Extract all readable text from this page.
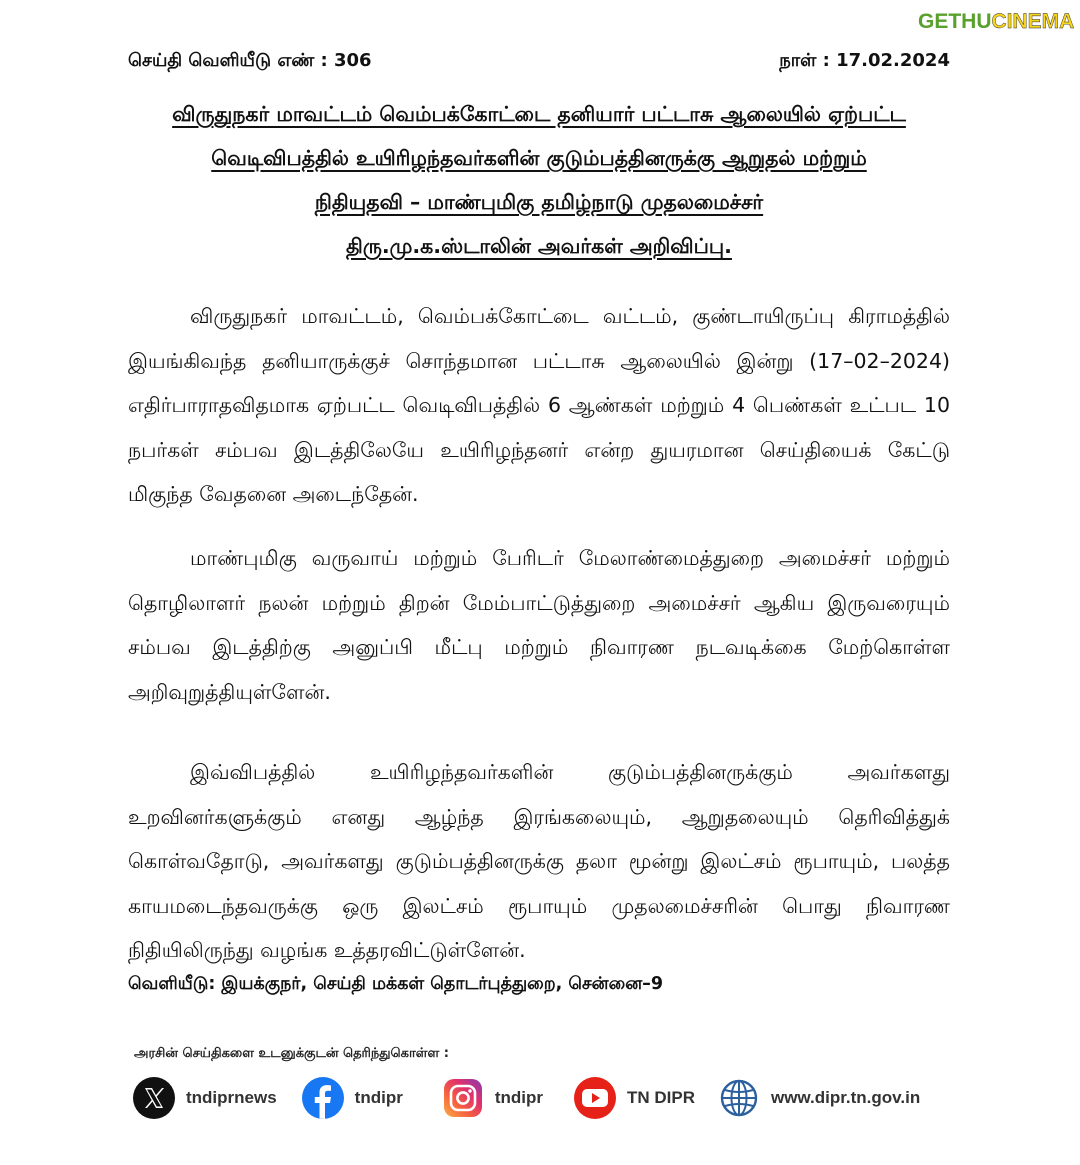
GETHU CINEMA
செய்தி வெளியீடு எண் : 306	நாள் : 17.02.2024
விருதுநகர் மாவட்டம் வெம்பக்கோட்டை தனியார் பட்டாசு ஆலையில் ஏற்பட்ட
வெடிவிபத்தில் உயிரிழந்தவர்களின் குடும்பத்தினருக்கு ஆறுதல் மற்றும்
நிதியுதவி – மாண்புமிகு தமிழ்நாடு முதலமைச்சர்
திரு.மு.க.ஸ்டாலின் அவர்கள் அறிவிப்பு.
விருதுநகர் மாவட்டம், வெம்பக்கோட்டை வட்டம், குண்டாயிருப்பு கிராமத்தில் இயங்கிவந்த தனியாருக்குச் சொந்தமான பட்டாசு ஆலையில் இன்று (17–02–2024) எதிர்பாராதவிதமாக ஏற்பட்ட வெடிவிபத்தில் 6 ஆண்கள் மற்றும் 4 பெண்கள் உட்பட 10 நபர்கள் சம்பவ இடத்திலேயே உயிரிழந்தனர் என்ற துயரமான செய்தியைக் கேட்டு மிகுந்த வேதனை அடைந்தேன்.
மாண்புமிகு வருவாய் மற்றும் பேரிடர் மேலாண்மைத்துறை அமைச்சர் மற்றும் தொழிலாளர் நலன் மற்றும் திறன் மேம்பாட்டுத்துறை அமைச்சர் ஆகிய இருவரையும் சம்பவ இடத்திற்கு அனுப்பி மீட்பு மற்றும் நிவாரண நடவடிக்கை மேற்கொள்ள அறிவுறுத்தியுள்ளேன்.
இவ்விபத்தில் உயிரிழந்தவர்களின் குடும்பத்தினருக்கும் அவர்களது உறவினர்களுக்கும் எனது ஆழ்ந்த இரங்கலையும், ஆறுதலையும் தெரிவித்துக் கொள்வதோடு, அவர்களது குடும்பத்தினருக்கு தலா மூன்று இலட்சம் ரூபாயும், பலத்த காயமடைந்தவருக்கு ஒரு இலட்சம் ரூபாயும் முதலமைச்சரின் பொது நிவாரண நிதியிலிருந்து வழங்க உத்தரவிட்டுள்ளேன்.
வெளியீடு: இயக்குநர், செய்தி மக்கள் தொடர்புத்துறை, சென்னை–9
அரசின் செய்திகளை உடனுக்குடன் தெரிந்துகொள்ள :
tndiprnews	tndipr	tndipr	TN DIPR	www.dipr.tn.gov.in
